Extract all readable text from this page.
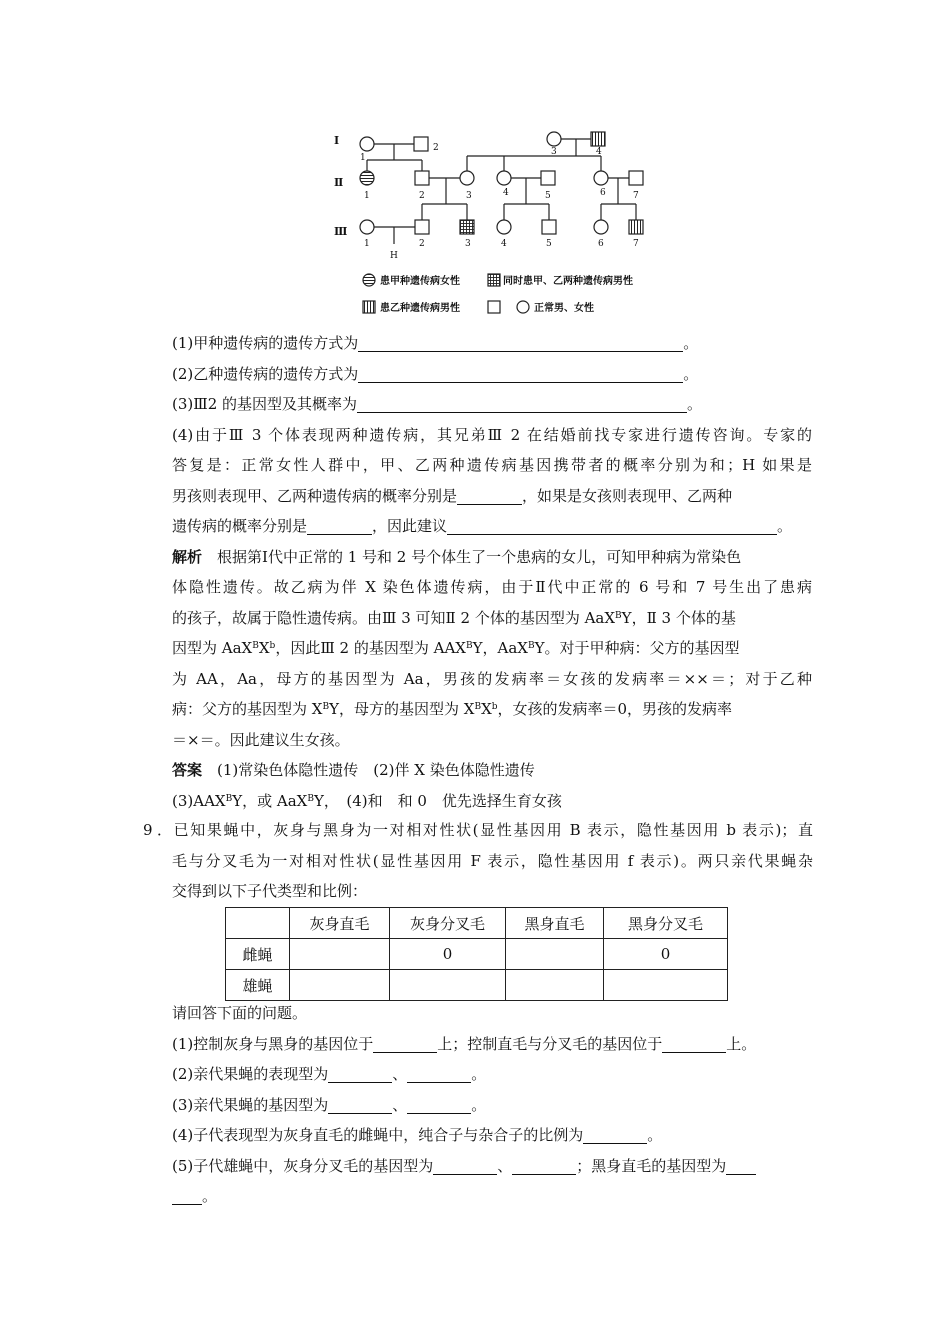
Ⅰ
Ⅱ
Ⅲ
1
2	3	4
1	2	3	4	5	6	7
1	2	3	4	5	6	7
H
患甲种遗传病女性	同时患甲、乙两种遗传病男性
患乙种遗传病男性	正常男、女性
(1)甲种遗传病的遗传方式为	。
(2)乙种遗传病的遗传方式为	。
(3)Ⅲ2 的基因型及其概率为	。
(4)由于Ⅲ 3 个体表现两种遗传病，其兄弟Ⅲ 2 在结婚前找专家进行遗传咨询。专家的
答复是：正常女性人群中，甲、乙两种遗传病基因携带者的概率分别为和；H 如果是
男孩则表现甲、乙两种遗传病的概率分别是	，如果是女孩则表现甲、乙两种
遗传病的概率分别是	，因此建议	。
解析　 根据第Ⅰ代中正常的 1 号和 2 号个体生了一个患病的女儿，可知甲种病为常染色
体隐性遗传。故乙病为伴 X 染色体遗传病，由于Ⅱ代中正常的 6 号和 7 号生出了患病
的孩子，故属于隐性遗传病。由Ⅲ 3 可知Ⅱ 2 个体的基因型为 AaX$^B$Y，Ⅱ 3 个体的基
因型为 $AaX^BX^b$，因此Ⅲ 2 的基因型为 $AAX^BY$，AaX$^B$Y。对于甲种病：父方的基因型
为 AA，Aa，母方的基因型为 Aa，男孩的发病率＝女孩的发病率＝××＝；对于乙种
病：父方的基因型为 $X^BY$，母方的基因型为 $X^BX^b$，女孩的发病率＝0，男孩的发病率
＝×＝。因此建议生女孩。
答案　 (1)常染色体隐性遗传　(2)伴 X 染色体隐性遗传
$(3)AAX^BY$，或 AaX$^B$Y，　(4)和　和 0　优先选择生育女孩
9．已知果蝇中，灰身与黑身为一对相对性状(显性基因用 B 表示，隐性基因用 b 表示)；直
毛与分叉毛为一对相对性状(显性基因用 F 表示，隐性基因用 f 表示)。两只亲代果蝇杂
交得到以下子代类型和比例：
	灰身直毛	灰身分叉毛	黑身直毛	黑身分叉毛
雌蝇		0		0
雄蝇				
请回答下面的问题。
(1)控制灰身与黑身的基因位于	上；控制直毛与分叉毛的基因位于	上。
(2)亲代果蝇的表现型为	、	。
(3)亲代果蝇的基因型为	、	。
(4)子代表现型为灰身直毛的雌蝇中，纯合子与杂合子的比例为	。
(5)子代雄蝇中，灰身分叉毛的基因型为	、	；黑身直毛的基因型为
。
